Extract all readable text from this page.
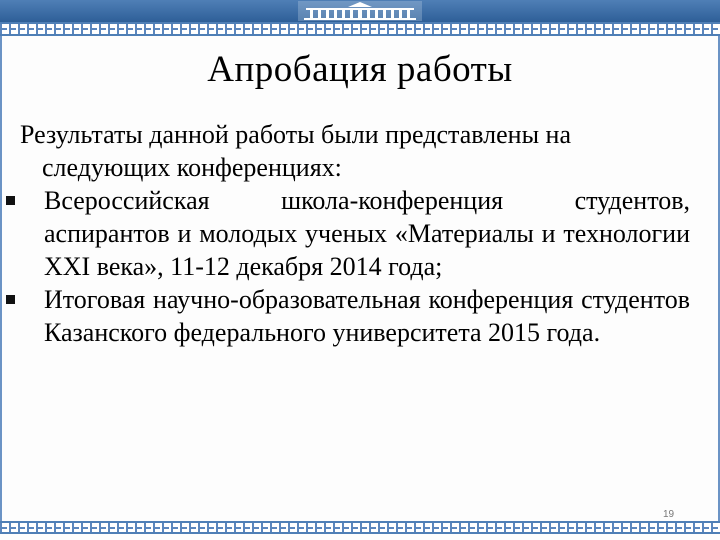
Апробация работы

Результаты данной работы были представлены на следующих конференциях:

Всероссийская школа-конференция студентов, аспирантов и молодых ученых «Материалы и технологии XXI века», 11-12 декабря 2014 года;

Итоговая научно-образовательная конференция студентов Казанского федерального университета 2015 года.

19
